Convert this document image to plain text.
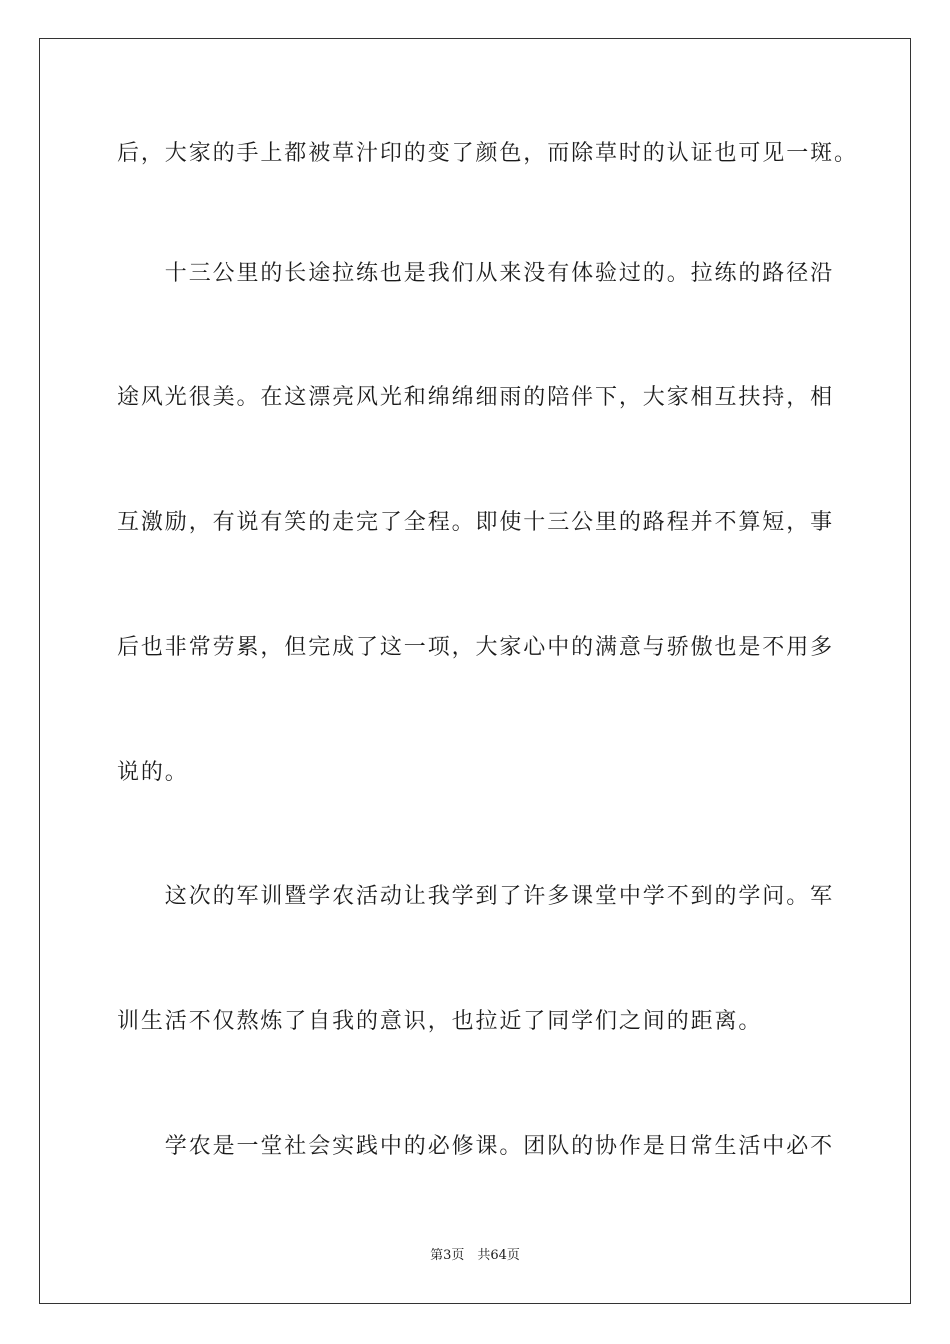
后，大家的手上都被草汁印的变了颜色，而除草时的认证也可见一斑。
　　十三公里的长途拉练也是我们从来没有体验过的。拉练的路径沿
途风光很美。在这漂亮风光和绵绵细雨的陪伴下，大家相互扶持，相
互激励，有说有笑的走完了全程。即使十三公里的路程并不算短，事
后也非常劳累，但完成了这一项，大家心中的满意与骄傲也是不用多
说的。
　　这次的军训暨学农活动让我学到了许多课堂中学不到的学问。军
训生活不仅熬炼了自我的意识，也拉近了同学们之间的距离。
　　学农是一堂社会实践中的必修课。团队的协作是日常生活中必不
第3页　共64页
